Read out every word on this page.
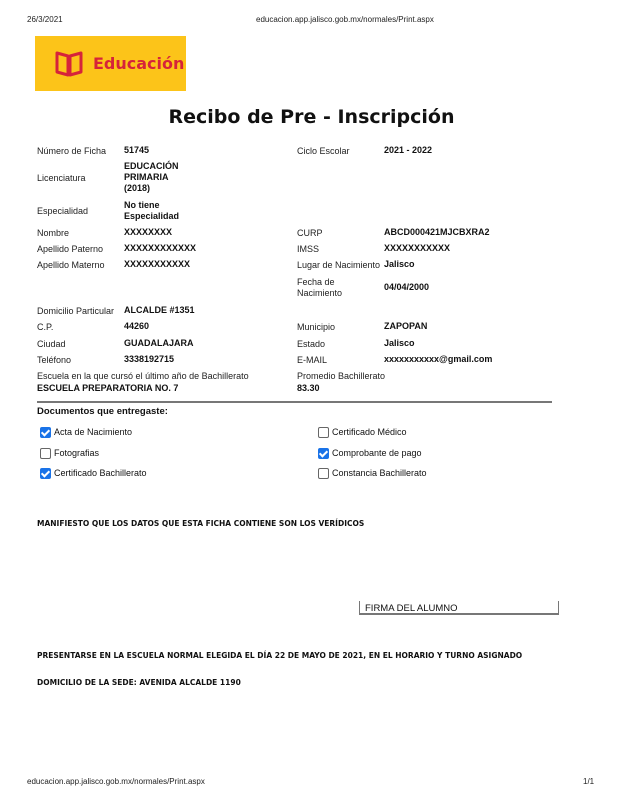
26/3/2021	educacion.app.jalisco.gob.mx/normales/Print.aspx
Educación
Recibo de Pre - Inscripción
Número de Ficha 51745	Ciclo Escolar	2021 - 2022
Licenciatura
EDUCACIÓN PRIMARIA (2018)
Especialidad
No tiene Especialidad
Nombre	XXXXXXXX	CURP	ABCD000421MJCBXRA2
Apellido Paterno XXXXXXXXXXXX	IMSS	XXXXXXXXXXX
Apellido Materno XXXXXXXXXXX	Lugar de Nacimiento Jalisco
Fecha de Nacimiento
04/04/2000
Domicilio Particular ALCALDE #1351
C.P.	44260	Municipio	ZAPOPAN
Ciudad	GUADALAJARA	Estado	Jalisco
Teléfono	3338192715	E-MAIL	xxxxxxxxxxx@gmail.com
Escuela en la que cursó el último año de Bachillerato
ESCUELA PREPARATORIA NO. 7
Promedio Bachillerato
83.30
Documentos que entregaste:
Acta de Nacimiento	Certificado Médico
Fotografias	Comprobante de pago
Certificado Bachillerato	Constancia Bachillerato
MANIFIESTO QUE LOS DATOS QUE ESTA FICHA CONTIENE SON LOS VERÍDICOS
FIRMA DEL ALUMNO
PRESENTARSE EN LA ESCUELA NORMAL ELEGIDA EL DÍA 22 DE MAYO DE 2021, EN EL HORARIO Y TURNO ASIGNADO
DOMICILIO DE LA SEDE: AVENIDA ALCALDE 1190
educacion.app.jalisco.gob.mx/normales/Print.aspx	1/1
